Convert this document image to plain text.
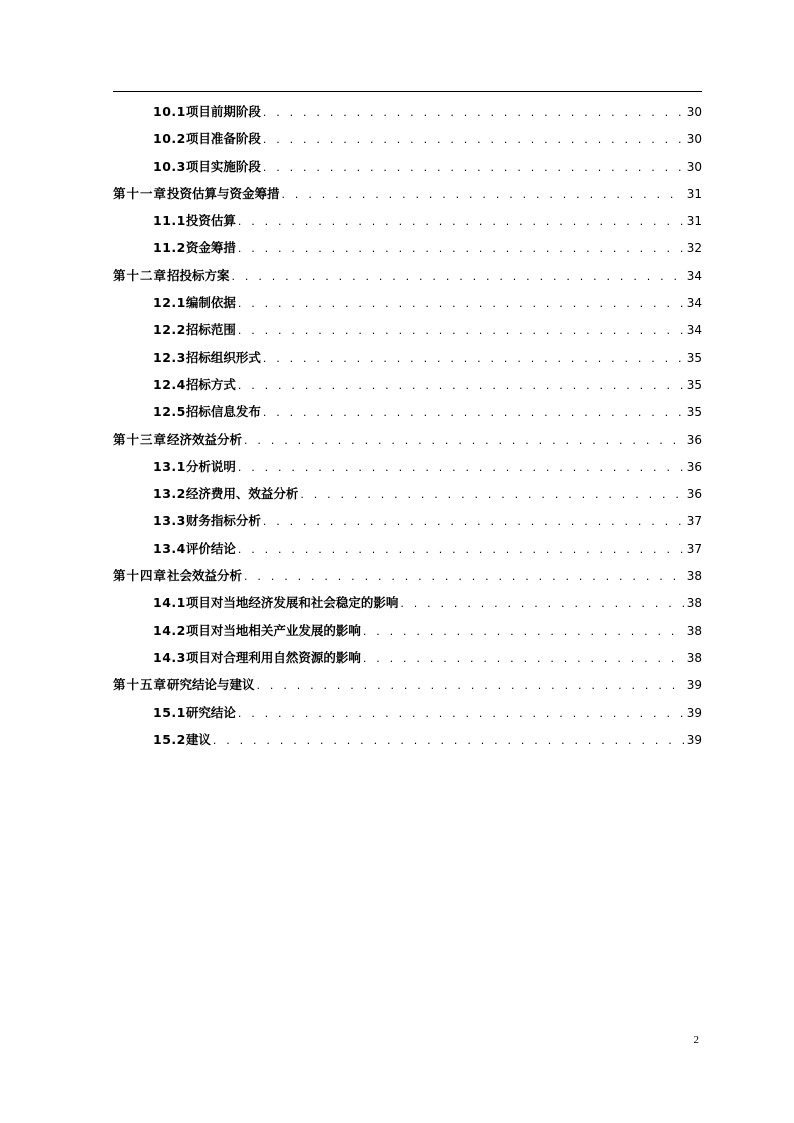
10.1 项目前期阶段 . . .	30
10.2 项目准备阶段 . . .	30
10.3 项目实施阶段 . . .	30
第十一章 投资估算与资金筹措 . . .	31
11.1 投资估算 . . .	31
11.2 资金筹措 . . .	32
第十二章 招投标方案 . . .	34
12.1 编制依据 . . .	34
12.2 招标范围 . . .	34
12.3 招标组织形式 . . .	35
12.4 招标方式 . . .	35
12.5 招标信息发布 . . .	35
第十三章 经济效益分析 . . .	36
13.1 分析说明 . . .	36
13.2 经济费用、效益分析 . . .	36
13.3 财务指标分析 . . .	37
13.4 评价结论 . . .	37
第十四章 社会效益分析 . . .	38
14.1 项目对当地经济发展和社会稳定的影响 . . .	38
14.2 项目对当地相关产业发展的影响 . . .	38
14.3 项目对合理利用自然资源的影响 . . .	38
第十五章 研究结论与建议 . . .	39
15.1 研究结论 . . .	39
15.2 建议 . . .	39
2
